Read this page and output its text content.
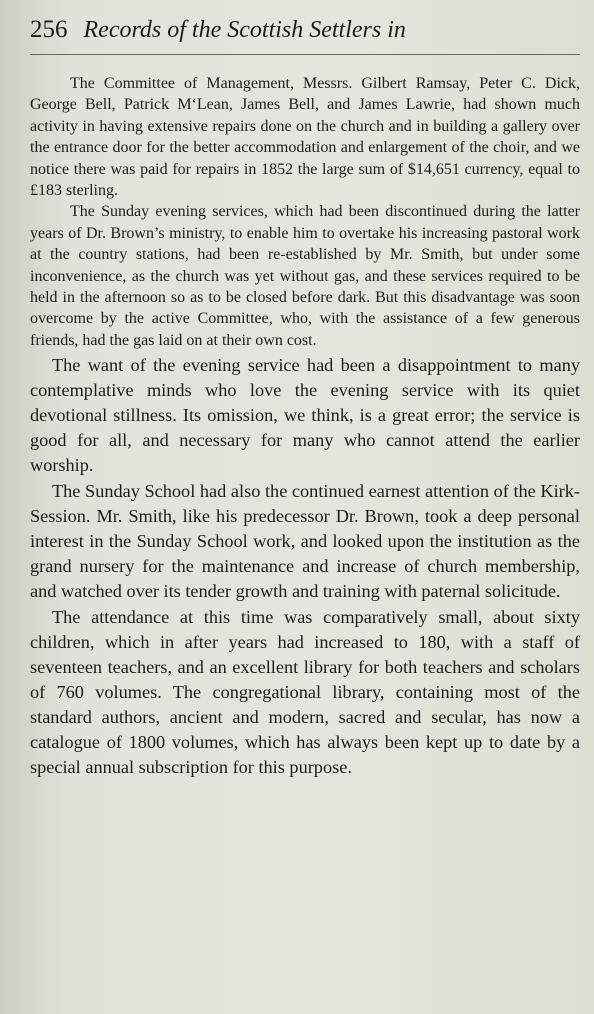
256 Records of the Scottish Settlers in

The Committee of Management, Messrs. Gilbert Ramsay, Peter C. Dick, George Bell, Patrick M‘Lean, James Bell, and James Lawrie, had shown much activity in having extensive repairs done on the church and in building a gallery over the entrance door for the better accommodation and enlargement of the choir, and we notice there was paid for repairs in 1852 the large sum of $14,651 currency, equal to £183 sterling.

The Sunday evening services, which had been discontinued during the latter years of Dr. Brown’s ministry, to enable him to overtake his increasing pastoral work at the country stations, had been re-established by Mr. Smith, but under some inconvenience, as the church was yet without gas, and these services required to be held in the afternoon so as to be closed before dark. But this disadvantage was soon overcome by the active Committee, who, with the assistance of a few generous friends, had the gas laid on at their own cost.

The want of the evening service had been a disappointment to many contemplative minds who love the evening service with its quiet devotional stillness. Its omission, we think, is a great error; the service is good for all, and necessary for many who cannot attend the earlier worship.

The Sunday School had also the continued earnest attention of the Kirk-Session. Mr. Smith, like his predecessor Dr. Brown, took a deep personal interest in the Sunday School work, and looked upon the institution as the grand nursery for the maintenance and increase of church membership, and watched over its tender growth and training with paternal solicitude.

The attendance at this time was comparatively small, about sixty children, which in after years had increased to 180, with a staff of seventeen teachers, and an excellent library for both teachers and scholars of 760 volumes. The congregational library, containing most of the standard authors, ancient and modern, sacred and secular, has now a catalogue of 1800 volumes, which has always been kept up to date by a special annual subscription for this purpose.
